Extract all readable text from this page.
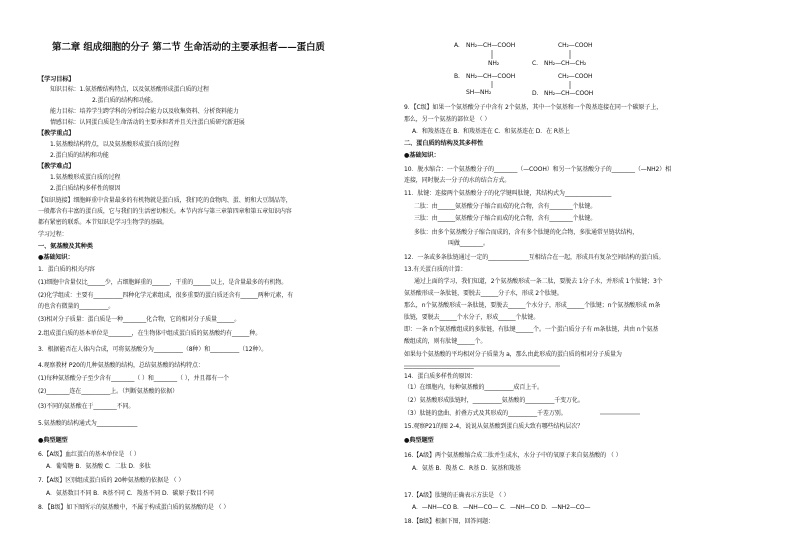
第二章 组成细胞的分子 第二节 生命活动的主要承担者——蛋白质
【学习目标】
知识目标：1.氨基酸结构特点，以及氨基酸形成蛋白质的过程
2.蛋白质的结构和功能。
能力目标：培养学生跨学科的分析综合能力以及收集资料、分析资料能力
情感目标：认同蛋白质是生命活动的主要承担者并且关注蛋白质研究新进展
【教学重点】
1.氨基酸结构特点，以及氨基酸形成蛋白质的过程
2.蛋白质的结构和功能
【教学难点】
1.氨基酸形成蛋白质的过程
2.蛋白质结构多样性的原因
【知识链接】细胞鲜重中含量最多的有机物就是蛋白质，我们吃的食物肉、蛋、奶和大豆制品等，
一般都含有丰富的蛋白质，它与我们的生活密切相关。本节内容与第三章第四章和第五章知识内容
都有紧密的联系。本节知识是学习生物学的基础。
学习过程：
一、氨基酸及其种类
●基础知识：
1．蛋白质的相关内容
(1)细胞中含量仅比______少，占细胞鲜重的______，干重的______以上，是含量最多的有机物。
(2)化学组成：主要有__________四种化学元素组成，很多重要的蛋白质还含有______两种元素，有
的也含有微量的__________。
(3)相对分子质量：蛋白质是一种________化合物，它的相对分子质量______。
2.组成蛋白质的基本单位是________，在生物体中组成蛋白质的氨基酸约有______种。
3．根据能否在人体内合成，可将氨基酸分为__________（8种）和__________（12种）。
4.观察教材 P20的几种氨基酸的结构，总结氨基酸的结构特点：
(1)每种氨基酸分子至少含有________（ ）和________（ ），并且都有一个
(2)________连在__________上。（判断氨基酸的依据）
(3)不同的氨基酸在于________不同。
5.氨基酸的结构通式为______________
●典型题型
6.【A级】血红蛋白的基本单位是 （ ）
A．葡萄糖 B．氨基酸 C．二肽 D．多肽
7.【A级】区别组成蛋白质的 20种氨基酸的依据是 （ ）
A．氨基数目不同 B．R基不同 C．羧基不同 D．碳原子数目不同
8．【B级】如下图所示的氨基酸中，不属于构成蛋白质的氨基酸的是 （ ）
A. NH₂—CH—COOH
NH₂
B. NH₂—CH—COOH
SH—NH₂
CH₂—COOH
C. NH₂—CH—CH₂
CH₂—COOH
D. NH₂—CH—COOH
9．【C级】如果一个氨基酸分子中含有 2个氨基，其中一个氨基和一个羧基连接在同一个碳原子上，
那么，另一个氨基的部位是 （ ）
A．和羧基连在 B．和羧基连在 C．和氨基连在 D．在 R基上
二、蛋白质的结构及其多样性
●基础知识：
10．脱水缩合：一个氨基酸分子的________（—COOH）和另一个氨基酸分子的________（—NH2）相
连接，同时脱去一分子的水的结合方式。
11．肽键：连接两个氨基酸分子的化学键叫肽键，其结构式为________________
二肽：由______氨基酸分子缩合而成的化合物，含有________个肽键。
三肽：由______氨基酸分子缩合而成的化合物，含有________个肽键。
多肽：由多个氨基酸分子缩合而成的，含有多个肽键的化合物，多肽通常呈链状结构，
叫做________。
12．一条或多条肽链通过一定的______________互相结合在一起，形成具有复杂空间结构的蛋白质。
13.有关蛋白质的计算：
通过上面的学习，我们知道，2个氨基酸形成一条二肽，要脱去 1分子水，并形成 1个肽键；3个
氨基酸形成一条肽链，要脱去______分子水，形成 2个肽键。
那么，n个氨基酸形成一条肽链，要脱去______个水分子，形成______个肽键；n个氨基酸形成 m条
肽链，要脱去______个水分子，形成______个肽键。
即：一条 n个氨基酸组成的多肽链，有肽键______个。一个蛋白质分子有 m条肽链，共由 n个氨基
酸组成的，则有肽键______个。
如果每个氨基酸的平均相对分子质量为 a，那么由此形成的蛋白质的相对分子质量为
________________________
14．蛋白质多样性的原因：
（1）在细胞内，每种氨基酸的__________成百上千。
（2）氨基酸形成肽链时，__________氨基酸的__________千变万化。
（3）肽链的盘曲、折叠方式及其形成的__________千差万别。
15.观察P21的图 2-4，说说从氨基酸到蛋白质大致有哪些结构层次？
●典型题型
16.【A级】两个氨基酸缩合成二肽并生成水，水分子中的氧原子来自氨基酸的 （ ）
A．氨基 B．羧基 C．R基 D．氨基和羧基
17.【A级】肽键的正确表示方法是 （ ）
A．—NH—CO B．—NH—CO— C．—NH—CO D．—NH2—CO—
18.【B级】根据下图，回答问题：
